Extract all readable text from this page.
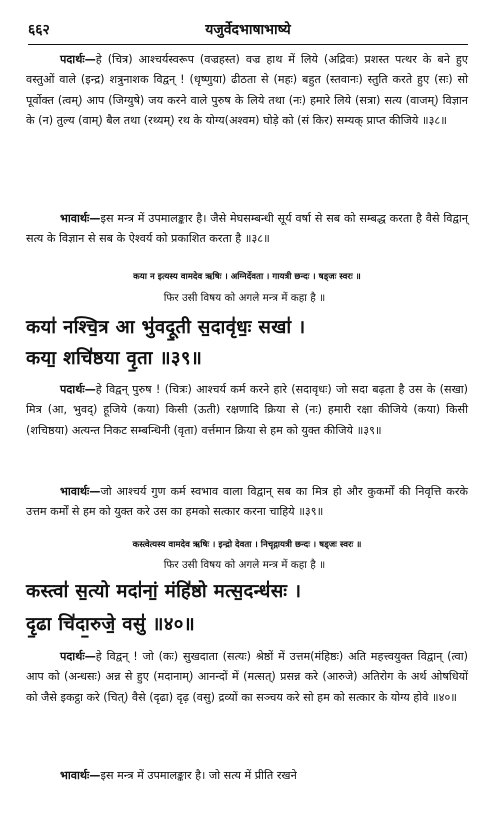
६६२	यजुर्वेदभाषाभाष्ये
पदार्थः—हे (चित्र) आश्चर्यस्वरूप (वज्रहस्त) वज्र हाथ में लिये (अद्रिवः) प्रशस्त पत्थर के बने हुए वस्तुओं वाले (इन्द्र) शत्रुनाशक विद्वन् ! (धृष्णुया) ढीठता से (महः) बहुत (स्तवानः) स्तुति करते हुए (सः) सो पूर्वोक्त (त्वम्) आप (जिग्युषे) जय करने वाले पुरुष के लिये तथा (नः) हमारे लिये (सत्रा) सत्य (वाजम्) विज्ञान के (न) तुल्य (वाम्) बैल तथा (रथ्यम्) रथ के योग्य(अश्वम) घोड़े को (सं किर) सम्यक् प्राप्त कीजिये ॥३८॥
भावार्थः—इस मन्त्र में उपमालङ्कार है। जैसे मेघसम्बन्धी सूर्य वर्षा से सब को सम्बद्ध करता है वैसे विद्वान् सत्य के विज्ञान से सब के ऐश्वर्य को प्रकाशित करता है ॥३८॥
कया न इत्यस्य वामदेव ऋषिः । अग्निर्देवता । गायत्री छन्दः । षड्जः स्वरः ॥
फिर उसी विषय को अगले मन्त्र में कहा है ॥
कया॑ नश्चि॒त्र आ भु॑वदू॒ती स॒दावृ॑धः॒ सखा॑ ।
कया॒ शचि॑ष्ठया वृ॒ता ॥३९॥
पदार्थः—हे विद्वन् पुरुष ! (चित्रः) आश्चर्य कर्म करने हारे (सदावृधः) जो सदा बढ़ता है उस के (सखा) मित्र (आ, भुवद्) हूजिये (कया) किसी (ऊती) रक्षणादि क्रिया से (नः) हमारी रक्षा कीजिये (कया) किसी (शचिष्ठया) अत्यन्त निकट सम्बन्धिनी (वृता) वर्त्तमान क्रिया से हम को युक्त कीजिये ॥३९॥
भावार्थः—जो आश्चर्य गुण कर्म स्वभाव वाला विद्वान् सब का मित्र हो और कुकर्मों की निवृत्ति करके उत्तम कर्मों से हम को युक्त करे उस का हमको सत्कार करना चाहिये ॥३९॥
कस्त्वेत्यस्य वामदेव ऋषिः । इन्द्रो देवता । निचृद्गायत्री छन्दः । षड्जः स्वरः ॥
फिर उसी विषय को अगले मन्त्र में कहा है ॥
कस्त्वा॑ स॒त्यो मदा॑नां॒ मंहि॑ष्ठो मत्स॒दन्ध॑सः ।
दृ॒ढा चि॑दा॒रुजे॒ वसु॑ ॥४०॥
पदार्थः—हे विद्वन् ! जो (कः) सुखदाता (सत्यः) श्रेष्ठों में उत्तम(मंहिष्ठः) अति महत्त्वयुक्त विद्वान् (त्वा) आप को (अन्धसः) अन्न से हुए (मदानाम्) आनन्दों में (मत्सत्) प्रसन्न करे (आरुजे) अतिरोग के अर्थ ओषधियों को जैसे इकट्ठा करे (चित्) वैसे (दृढा) दृढ़ (वसु) द्रव्यों का सञ्चय करे सो हम को सत्कार के योग्य होवे ॥४०॥
भावार्थः—इस मन्त्र में उपमालङ्कार है। जो सत्य में प्रीति रखने
